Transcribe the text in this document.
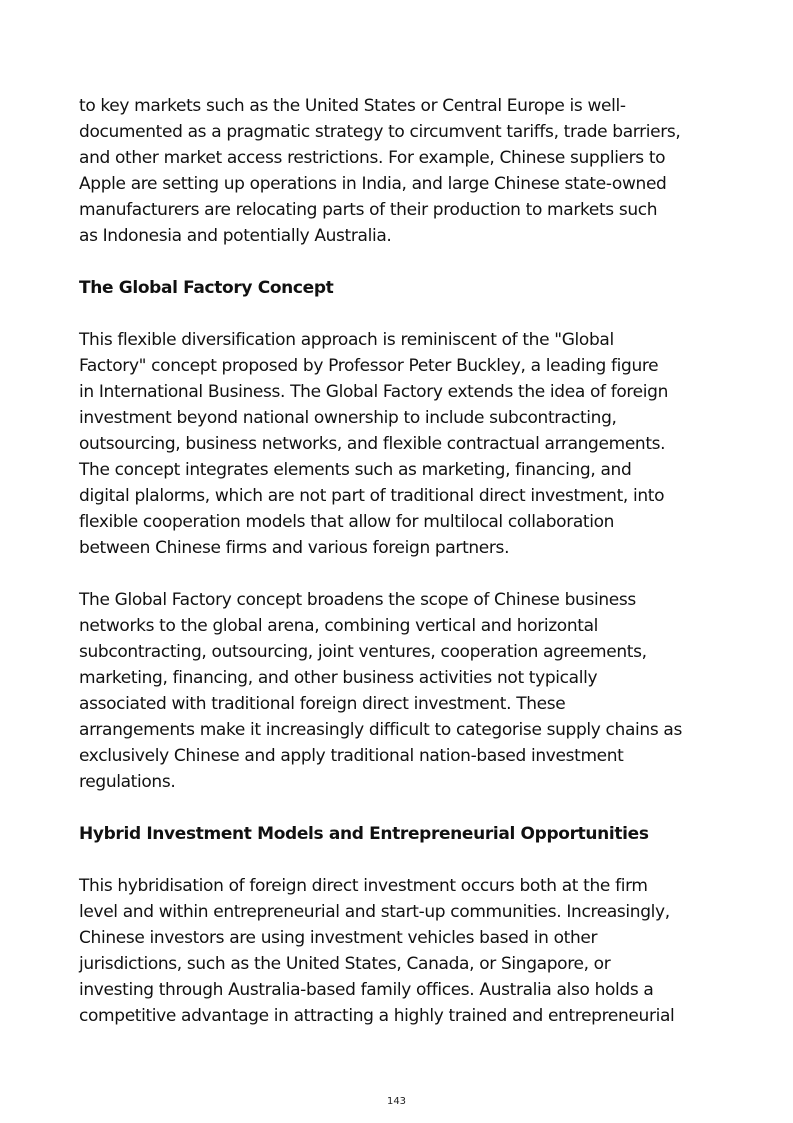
to key markets such as the United States or Central Europe is well-
documented as a pragmatic strategy to circumvent tariffs, trade barriers,
and other market access restrictions. For example, Chinese suppliers to
Apple are setting up operations in India, and large Chinese state-owned
manufacturers are relocating parts of their production to markets such
as Indonesia and potentially Australia.

The Global Factory Concept

This flexible diversification approach is reminiscent of the "Global
Factory" concept proposed by Professor Peter Buckley, a leading figure
in International Business. The Global Factory extends the idea of foreign
investment beyond national ownership to include subcontracting,
outsourcing, business networks, and flexible contractual arrangements.
The concept integrates elements such as marketing, financing, and
digital plalorms, which are not part of traditional direct investment, into
flexible cooperation models that allow for multilocal collaboration
between Chinese firms and various foreign partners.

The Global Factory concept broadens the scope of Chinese business
networks to the global arena, combining vertical and horizontal
subcontracting, outsourcing, joint ventures, cooperation agreements,
marketing, financing, and other business activities not typically
associated with traditional foreign direct investment. These
arrangements make it increasingly difficult to categorise supply chains as
exclusively Chinese and apply traditional nation-based investment
regulations.

Hybrid Investment Models and Entrepreneurial Opportunities

This hybridisation of foreign direct investment occurs both at the firm
level and within entrepreneurial and start-up communities. Increasingly,
Chinese investors are using investment vehicles based in other
jurisdictions, such as the United States, Canada, or Singapore, or
investing through Australia-based family offices. Australia also holds a
competitive advantage in attracting a highly trained and entrepreneurial

143
